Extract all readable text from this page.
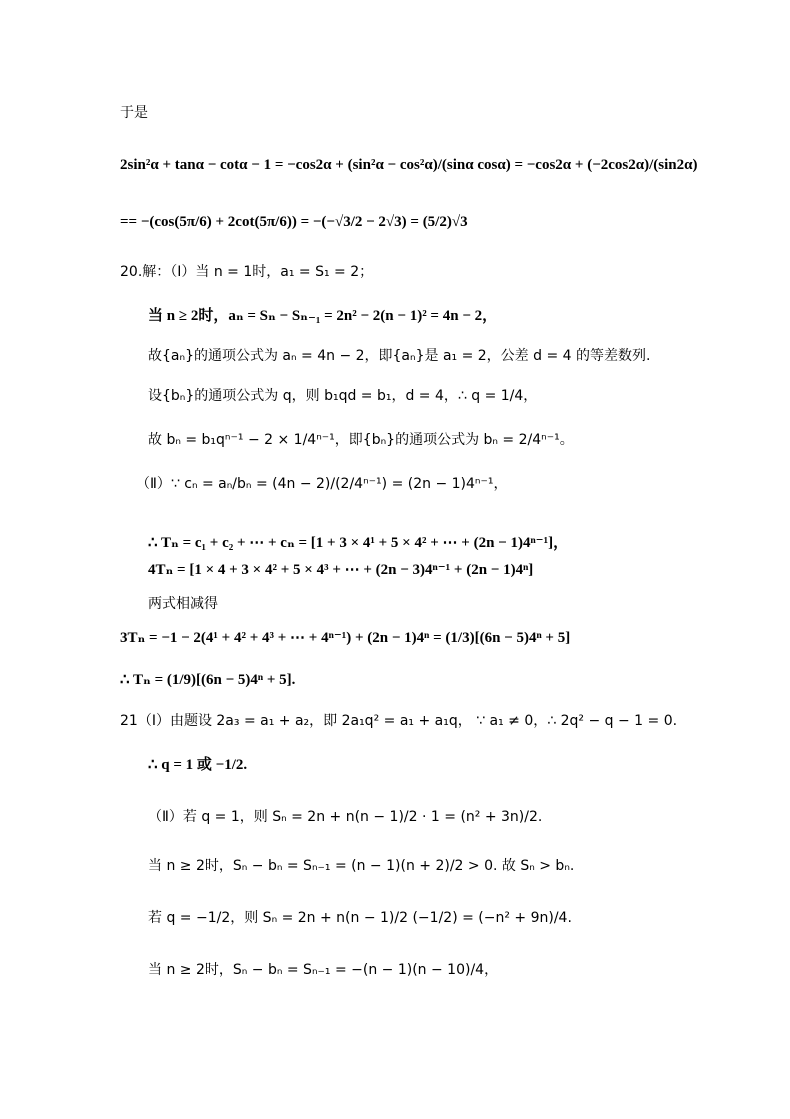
于是
2sin²α + tanα − cotα − 1 = −cos2α + (sin²α − cos²α)/(sinα cosα) = −cos2α + (−2cos2α)/(sin2α)
== −(cos(5π/6) + 2cot(5π/6)) = −(−√3/2 − 2√3) = (5/2)√3
20.解：（Ⅰ）当 n = 1时，a₁ = S₁ = 2；
当 n ≥ 2时，aₙ = Sₙ − Sₙ₋₁ = 2n² − 2(n − 1)² = 4n − 2，
故{aₙ}的通项公式为 aₙ = 4n − 2，即{aₙ}是 a₁ = 2，公差 d = 4 的等差数列.
设{bₙ}的通项公式为 q，则 b₁qd = b₁，d = 4，∴ q = 1/4，
故 bₙ = b₁qⁿ⁻¹ − 2 × 1/4ⁿ⁻¹，即{bₙ}的通项公式为 bₙ = 2/4ⁿ⁻¹。
（Ⅱ）∵ cₙ = aₙ/bₙ = (4n − 2)/(2/4ⁿ⁻¹) = (2n − 1)4ⁿ⁻¹，
∴ Tₙ = c₁ + c₂ + ⋯ + cₙ = [1 + 3 × 4¹ + 5 × 4² + ⋯ + (2n − 1)4ⁿ⁻¹]，
4Tₙ = [1 × 4 + 3 × 4² + 5 × 4³ + ⋯ + (2n − 3)4ⁿ⁻¹ + (2n − 1)4ⁿ]
两式相减得
3Tₙ = −1 − 2(4¹ + 4² + 4³ + ⋯ + 4ⁿ⁻¹) + (2n − 1)4ⁿ = (1/3)[(6n − 5)4ⁿ + 5]
∴ Tₙ = (1/9)[(6n − 5)4ⁿ + 5].
21（Ⅰ）由题设 2a₃ = a₁ + a₂，即 2a₁q² = a₁ + a₁q， ∵ a₁ ≠ 0，∴ 2q² − q − 1 = 0.
∴ q = 1 或 −1/2.
（Ⅱ）若 q = 1，则 Sₙ = 2n + n(n − 1)/2 · 1 = (n² + 3n)/2.
当 n ≥ 2时，Sₙ − bₙ = Sₙ₋₁ = (n − 1)(n + 2)/2 > 0. 故 Sₙ > bₙ.
若 q = −1/2，则 Sₙ = 2n + n(n − 1)/2 (−1/2) = (−n² + 9n)/4.
当 n ≥ 2时，Sₙ − bₙ = Sₙ₋₁ = −(n − 1)(n − 10)/4，
